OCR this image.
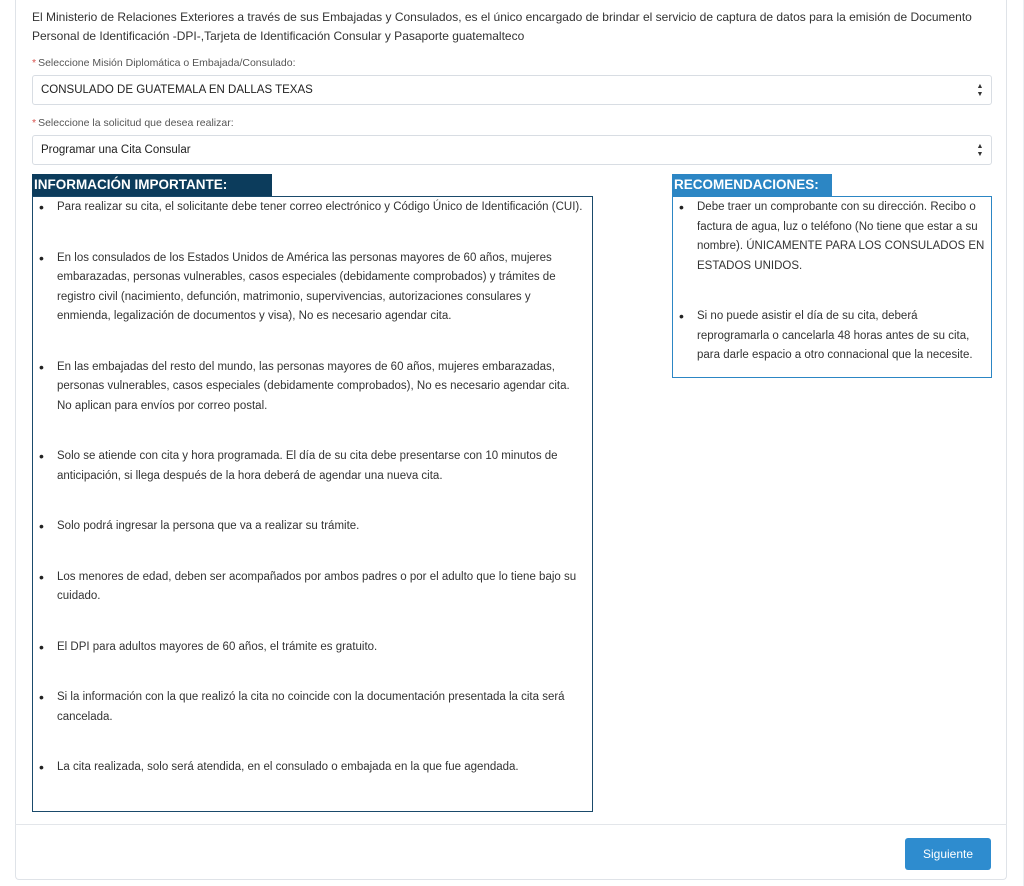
El Ministerio de Relaciones Exteriores a través de sus Embajadas y Consulados, es el único encargado de brindar el servicio de captura de datos para la emisión de Documento Personal de Identificación -DPI-,Tarjeta de Identificación Consular y Pasaporte guatemalteco

* Seleccione Misión Diplomática o Embajada/Consulado:
CONSULADO DE GUATEMALA EN DALLAS TEXAS	▲
▼
* Seleccione la solicitud que desea realizar:
Programar una Cita Consular	▲
▼
INFORMACIÓN IMPORTANTE:
• Para realizar su cita, el solicitante debe tener correo electrónico y Código Único de Identificación (CUI).
• En los consulados de los Estados Unidos de América las personas mayores de 60 años, mujeres embarazadas, personas vulnerables, casos especiales (debidamente comprobados) y trámites de registro civil (nacimiento, defunción, matrimonio, supervivencias, autorizaciones consulares y enmienda, legalización de documentos y visa), No es necesario agendar cita.
• En las embajadas del resto del mundo, las personas mayores de 60 años, mujeres embarazadas, personas vulnerables, casos especiales (debidamente comprobados), No es necesario agendar cita. No aplican para envíos por correo postal.
• Solo se atiende con cita y hora programada. El día de su cita debe presentarse con 10 minutos de anticipación, si llega después de la hora deberá de agendar una nueva cita.
• Solo podrá ingresar la persona que va a realizar su trámite.
• Los menores de edad, deben ser acompañados por ambos padres o por el adulto que lo tiene bajo su cuidado.
• El DPI para adultos mayores de 60 años, el trámite es gratuito.
• Si la información con la que realizó la cita no coincide con la documentación presentada la cita será cancelada.
• La cita realizada, solo será atendida, en el consulado o embajada en la que fue agendada.
RECOMENDACIONES:
• Debe traer un comprobante con su dirección. Recibo o factura de agua, luz o teléfono (No tiene que estar a su nombre). ÚNICAMENTE PARA LOS CONSULADOS EN ESTADOS UNIDOS.
• Si no puede asistir el día de su cita, deberá reprogramarla o cancelarla 48 horas antes de su cita, para darle espacio a otro connacional que la necesite.
Siguiente
